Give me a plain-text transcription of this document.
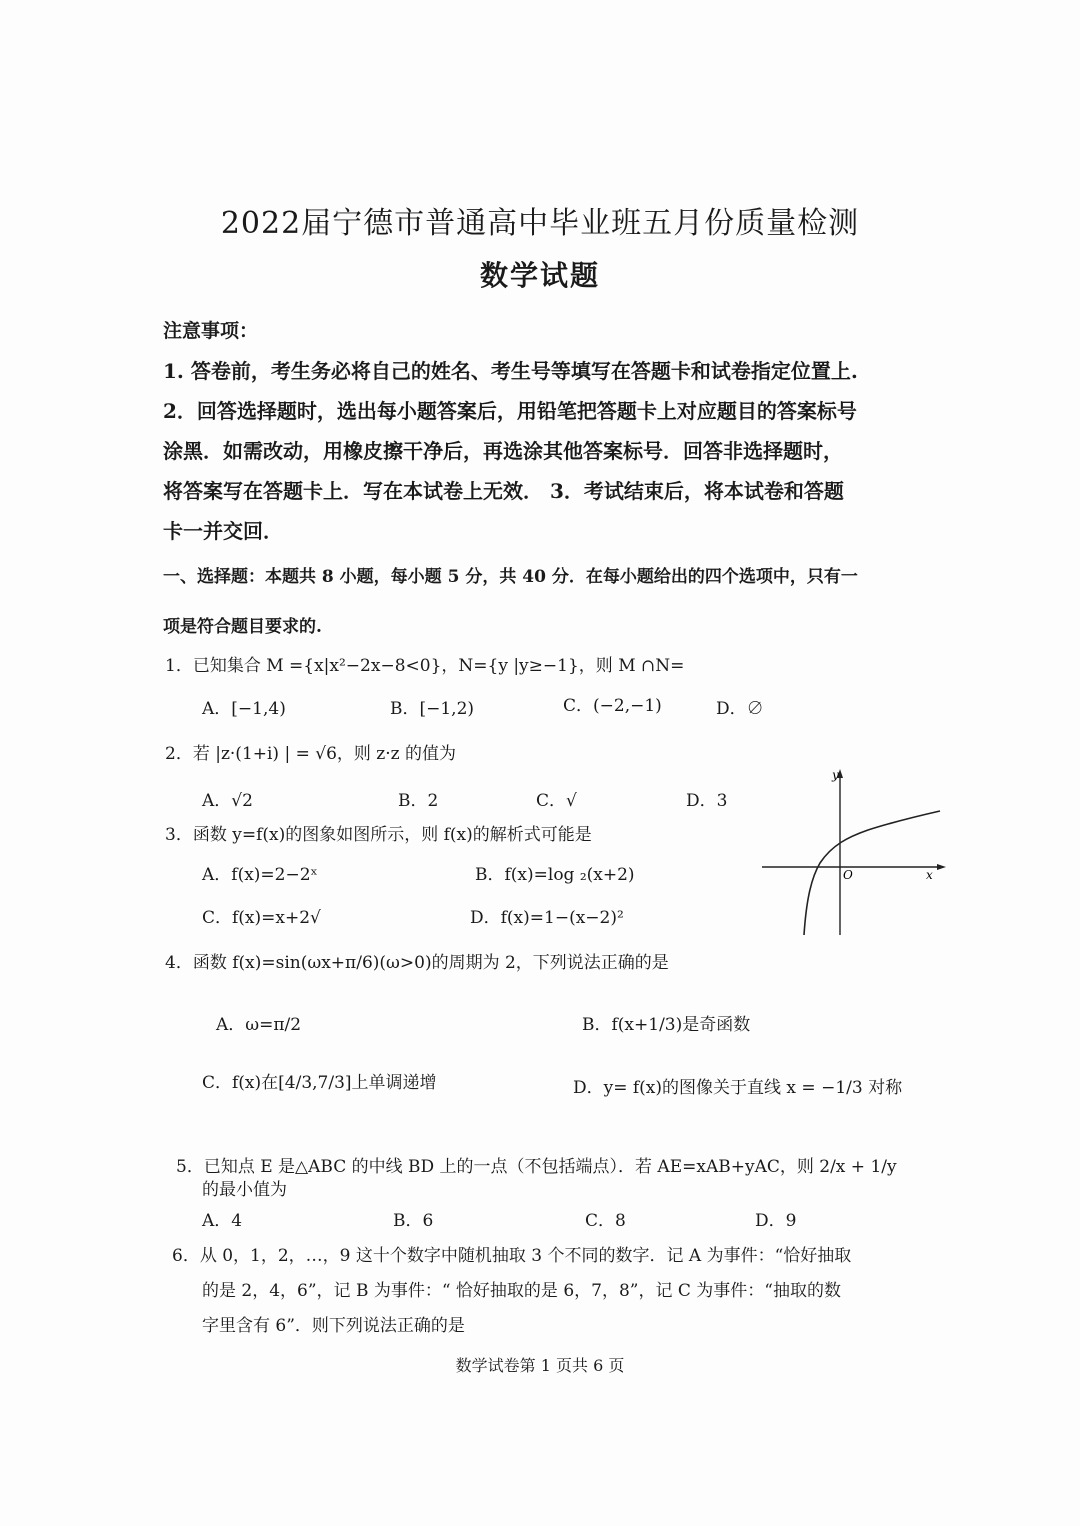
2022届宁德市普通高中毕业班五月份质量检测
数学试题
注意事项：
1. 答卷前，考生务必将自己的姓名、考生号等填写在答题卡和试卷指定位置上.
2．回答选择题时，选出每小题答案后，用铅笔把答题卡上对应题目的答案标号
涂黑．如需改动，用橡皮擦干净后，再选涂其他答案标号．回答非选择题时，
将答案写在答题卡上．写在本试卷上无效． 3．考试结束后，将本试卷和答题
卡一并交回．
一、选择题：本题共 8 小题，每小题 5 分，共 40 分．在每小题给出的四个选项中，只有一
项是符合题目要求的.
1．已知集合 M ={x|x²−2x−8<0}，N={y |y≥−1}，则 M ∩N=
A．[−1,4)	B．[−1,2)	C．(−2,−1)	D．∅
2．若 |z·(1+i) | = √6，则 z·z 的值为
A．√2	B．2	C．√	D．3
y
x
O
3．函数 y=f(x)的图象如图所示，则 f(x)的解析式可能是
A．f(x)=2−2ˣ	B．f(x)=log ₂(x+2)
C．f(x)=x+2√	D．f(x)=1−(x−2)²
4．函数 f(x)=sin(ωx+π/6)(ω>0)的周期为 2，下列说法正确的是
A．ω=π/2	B．f(x+1/3)是奇函数
C．f(x)在[4/3,7/3]上单调递增	D．y= f(x)的图像关于直线 x = −1/3 对称
5．已知点 E 是△ABC 的中线 BD 上的一点（不包括端点）．若 AE=xAB+yAC，则 2/x + 1/y
的最小值为
A．4	B．6	C．8	D．9
6．从 0，1，2，…，9 这十个数字中随机抽取 3 个不同的数字．记 A 为事件：“恰好抽取
的是 2，4，6”，记 B 为事件：“ 恰好抽取的是 6，7，8”，记 C 为事件：“抽取的数
字里含有 6”．则下列说法正确的是
数学试卷第 1 页共 6 页
